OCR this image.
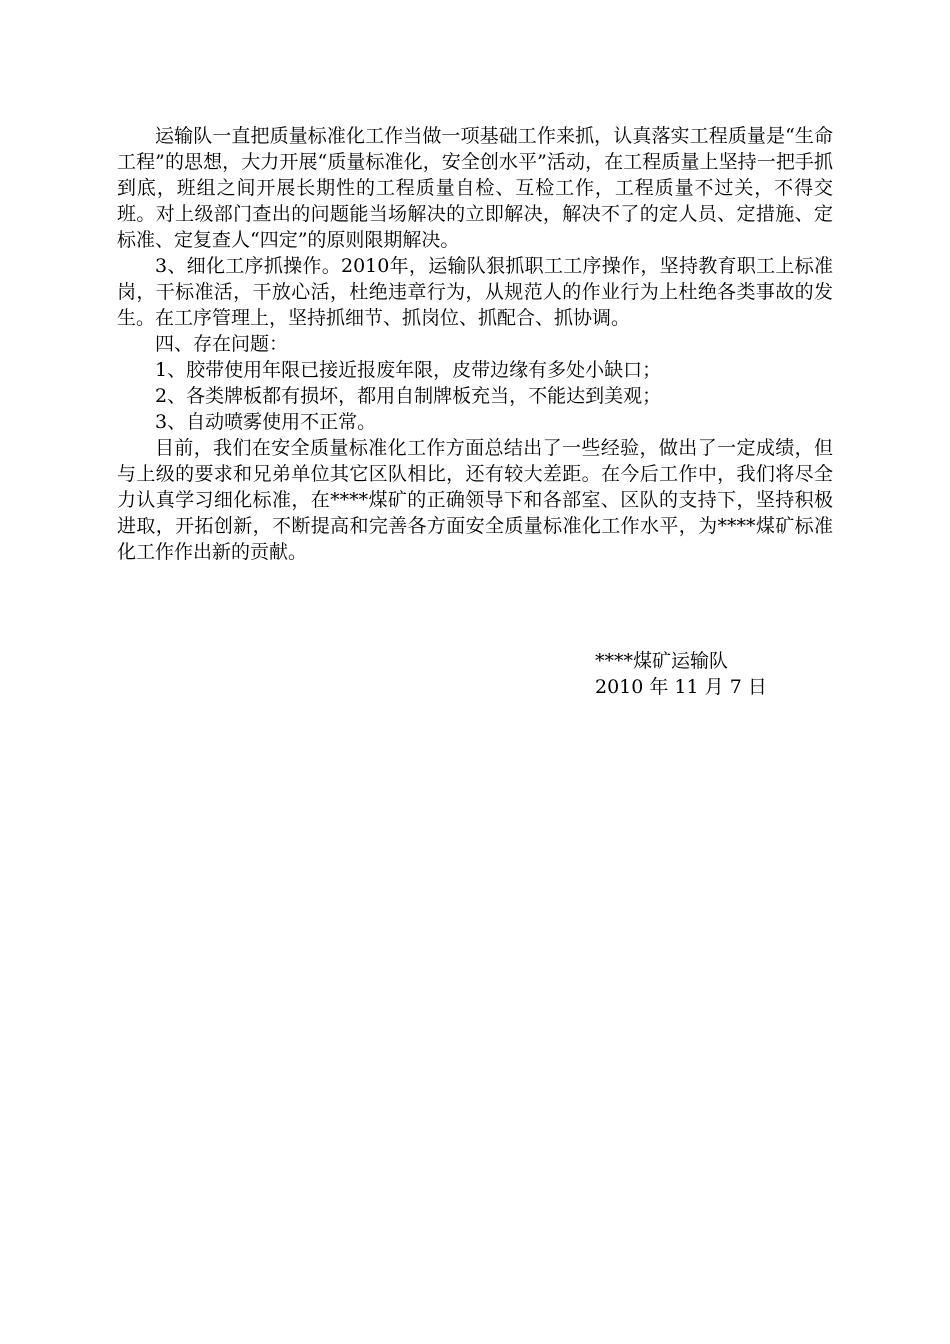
运输队一直把质量标准化工作当做一项基础工作来抓，认真落实工程质量是“生命工程”的思想，大力开展“质量标准化，安全创水平”活动，在工程质量上坚持一把手抓到底，班组之间开展长期性的工程质量自检、互检工作，工程质量不过关，不得交班。对上级部门查出的问题能当场解决的立即解决，解决不了的定人员、定措施、定标准、定复查人“四定”的原则限期解决。

3、细化工序抓操作。2010年，运输队狠抓职工工序操作，坚持教育职工上标准岗，干标准活，干放心活，杜绝违章行为，从规范人的作业行为上杜绝各类事故的发生。在工序管理上，坚持抓细节、抓岗位、抓配合、抓协调。

四、存在问题：

1、胶带使用年限已接近报废年限，皮带边缘有多处小缺口；

2、各类牌板都有损坏，都用自制牌板充当，不能达到美观；

3、自动喷雾使用不正常。

目前，我们在安全质量标准化工作方面总结出了一些经验，做出了一定成绩，但与上级的要求和兄弟单位其它区队相比，还有较大差距。在今后工作中，我们将尽全力认真学习细化标准，在****煤矿的正确领导下和各部室、区队的支持下，坚持积极进取，开拓创新，不断提高和完善各方面安全质量标准化工作水平，为****煤矿标准化工作作出新的贡献。

****煤矿运输队
2010 年 11 月 7 日
